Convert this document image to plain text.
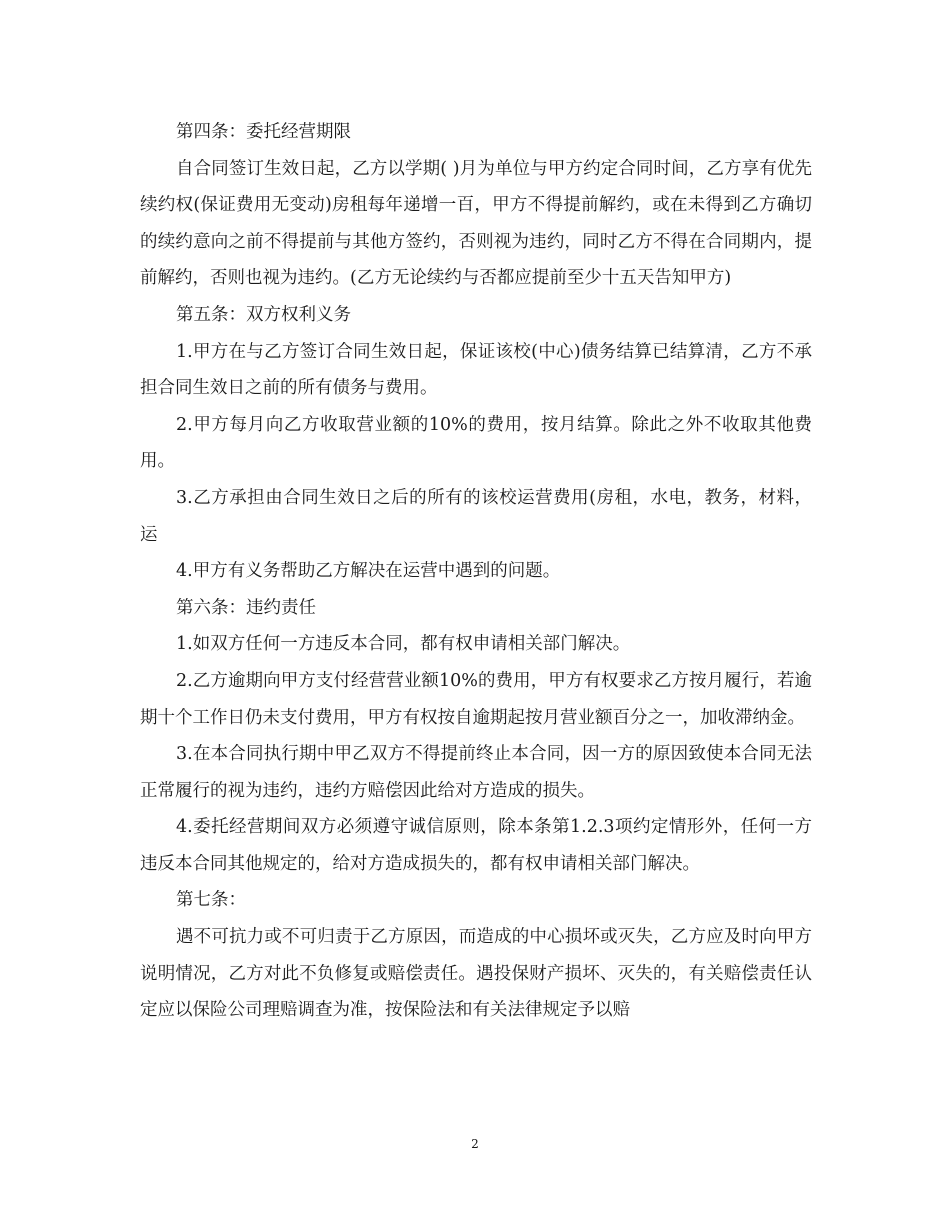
第四条：委托经营期限

自合同签订生效日起，乙方以学期( )月为单位与甲方约定合同时间，乙方享有优先续约权(保证费用无变动)房租每年递增一百，甲方不得提前解约，或在未得到乙方确切的续约意向之前不得提前与其他方签约，否则视为违约，同时乙方不得在合同期内，提前解约，否则也视为违约。(乙方无论续约与否都应提前至少十五天告知甲方)

第五条：双方权利义务

1.甲方在与乙方签订合同生效日起，保证该校(中心)债务结算已结算清，乙方不承担合同生效日之前的所有债务与费用。

2.甲方每月向乙方收取营业额的10%的费用，按月结算。除此之外不收取其他费用。

3.乙方承担由合同生效日之后的所有的该校运营费用(房租，水电，教务，材料，运

4.甲方有义务帮助乙方解决在运营中遇到的问题。

第六条：违约责任

1.如双方任何一方违反本合同，都有权申请相关部门解决。

2.乙方逾期向甲方支付经营营业额10%的费用，甲方有权要求乙方按月履行，若逾期十个工作日仍未支付费用，甲方有权按自逾期起按月营业额百分之一，加收滞纳金。

3.在本合同执行期中甲乙双方不得提前终止本合同，因一方的原因致使本合同无法正常履行的视为违约，违约方赔偿因此给对方造成的损失。

4.委托经营期间双方必须遵守诚信原则，除本条第1.2.3项约定情形外，任何一方违反本合同其他规定的，给对方造成损失的，都有权申请相关部门解决。

第七条：

遇不可抗力或不可归责于乙方原因，而造成的中心损坏或灭失，乙方应及时向甲方说明情况，乙方对此不负修复或赔偿责任。遇投保财产损坏、灭失的，有关赔偿责任认定应以保险公司理赔调查为准，按保险法和有关法律规定予以赔

2
